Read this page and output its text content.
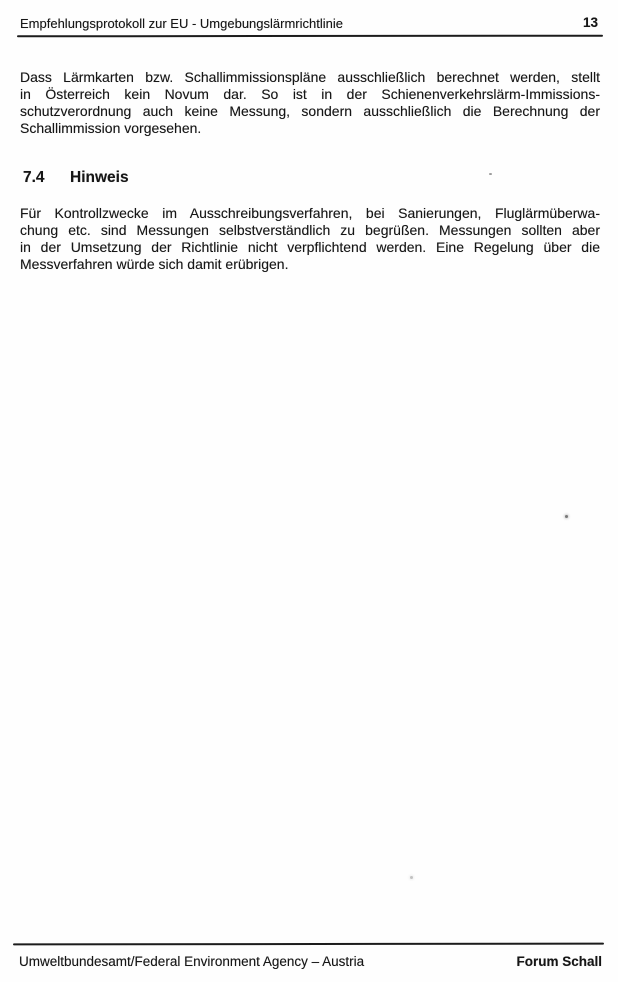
Empfehlungsprotokoll zur EU - Umgebungslärmrichtlinie	13
Dass Lärmkarten bzw. Schallimmissionspläne ausschließlich berechnet werden, stellt
in Österreich kein Novum dar. So ist in der Schienenverkehrslärm-Immissions-
schutzverordnung auch keine Messung, sondern ausschließlich die Berechnung der
Schallimmission vorgesehen.
7.4 Hinweis
Für Kontrollzwecke im Ausschreibungsverfahren, bei Sanierungen, Fluglärmüberwa-
chung etc. sind Messungen selbstverständlich zu begrüßen. Messungen sollten aber
in der Umsetzung der Richtlinie nicht verpflichtend werden. Eine Regelung über die
Messverfahren würde sich damit erübrigen.
Umweltbundesamt/Federal Environment Agency – Austria	Forum Schall
